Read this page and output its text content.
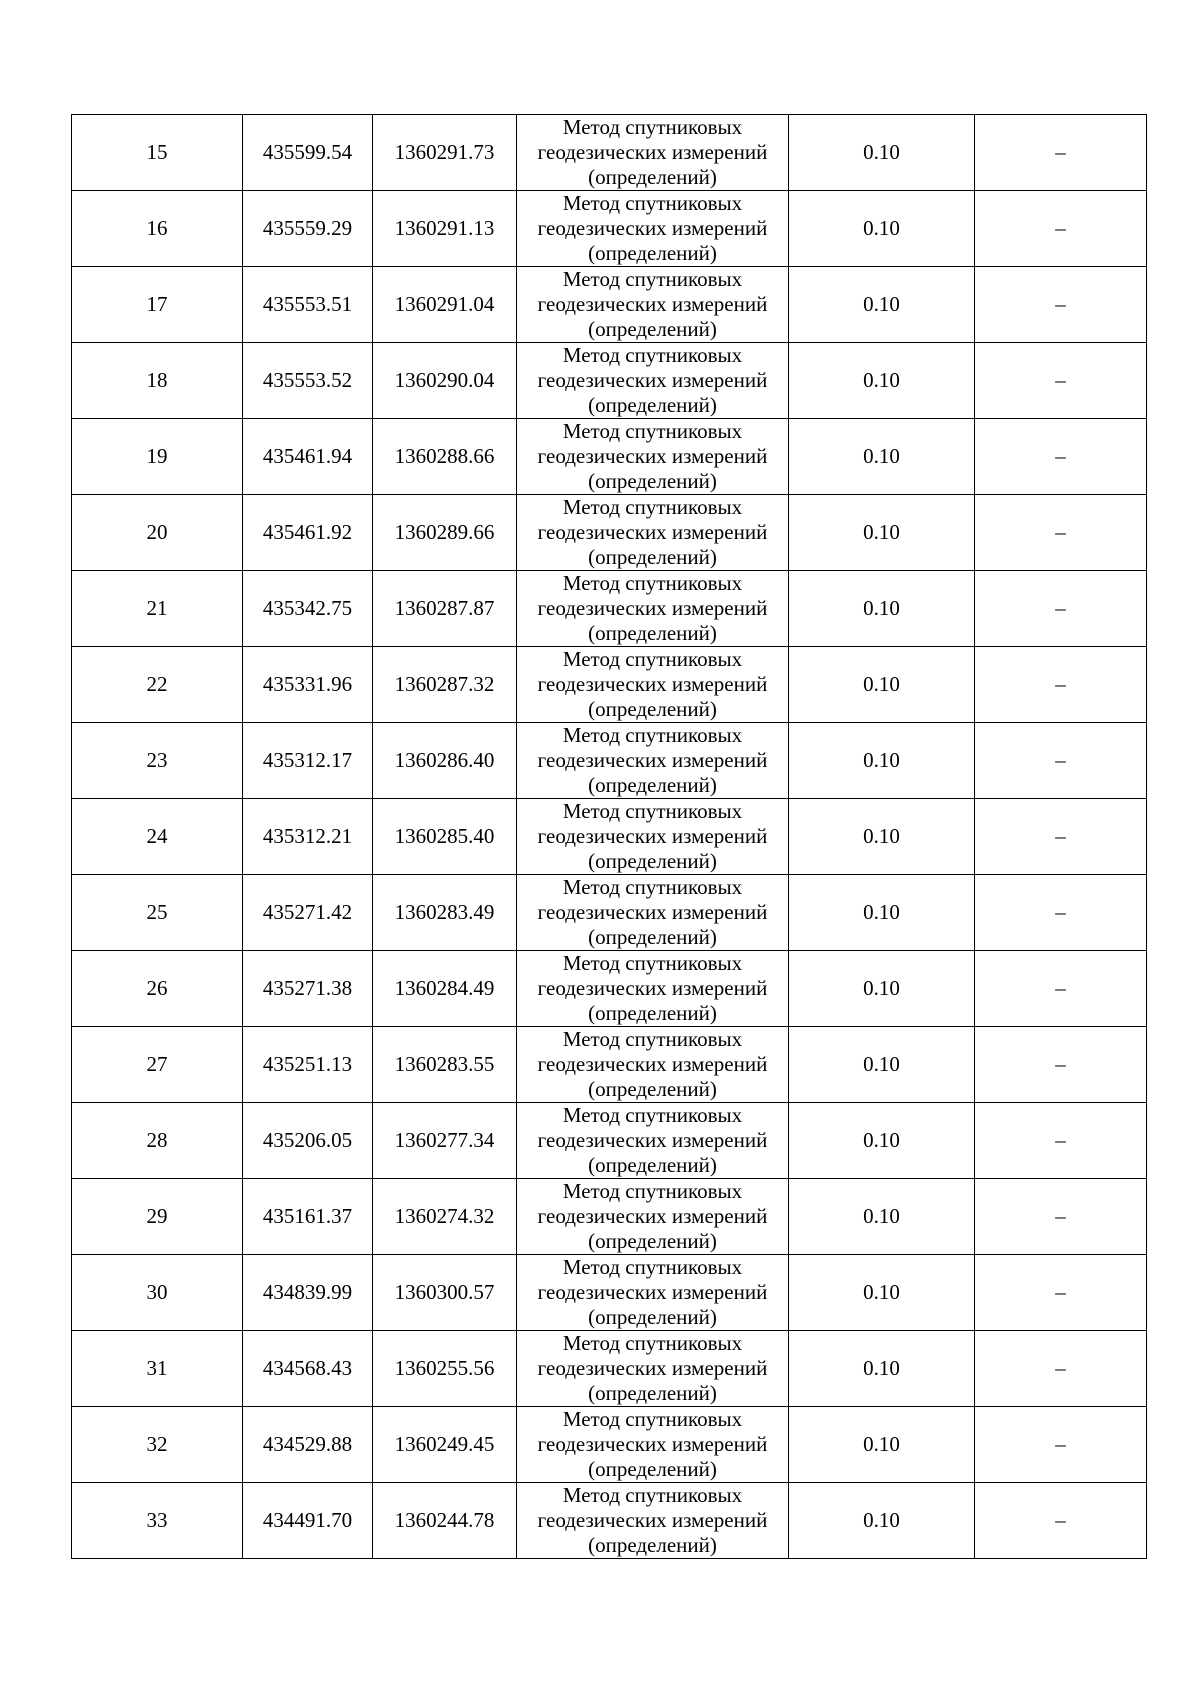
15	435599.54	1360291.73	Метод спутниковых
геодезических измерений
(определений)	0.10	–
16	435559.29	1360291.13	Метод спутниковых
геодезических измерений
(определений)	0.10	–
17	435553.51	1360291.04	Метод спутниковых
геодезических измерений
(определений)	0.10	–
18	435553.52	1360290.04	Метод спутниковых
геодезических измерений
(определений)	0.10	–
19	435461.94	1360288.66	Метод спутниковых
геодезических измерений
(определений)	0.10	–
20	435461.92	1360289.66	Метод спутниковых
геодезических измерений
(определений)	0.10	–
21	435342.75	1360287.87	Метод спутниковых
геодезических измерений
(определений)	0.10	–
22	435331.96	1360287.32	Метод спутниковых
геодезических измерений
(определений)	0.10	–
23	435312.17	1360286.40	Метод спутниковых
геодезических измерений
(определений)	0.10	–
24	435312.21	1360285.40	Метод спутниковых
геодезических измерений
(определений)	0.10	–
25	435271.42	1360283.49	Метод спутниковых
геодезических измерений
(определений)	0.10	–
26	435271.38	1360284.49	Метод спутниковых
геодезических измерений
(определений)	0.10	–
27	435251.13	1360283.55	Метод спутниковых
геодезических измерений
(определений)	0.10	–
28	435206.05	1360277.34	Метод спутниковых
геодезических измерений
(определений)	0.10	–
29	435161.37	1360274.32	Метод спутниковых
геодезических измерений
(определений)	0.10	–
30	434839.99	1360300.57	Метод спутниковых
геодезических измерений
(определений)	0.10	–
31	434568.43	1360255.56	Метод спутниковых
геодезических измерений
(определений)	0.10	–
32	434529.88	1360249.45	Метод спутниковых
геодезических измерений
(определений)	0.10	–
33	434491.70	1360244.78	Метод спутниковых
геодезических измерений
(определений)	0.10	–
